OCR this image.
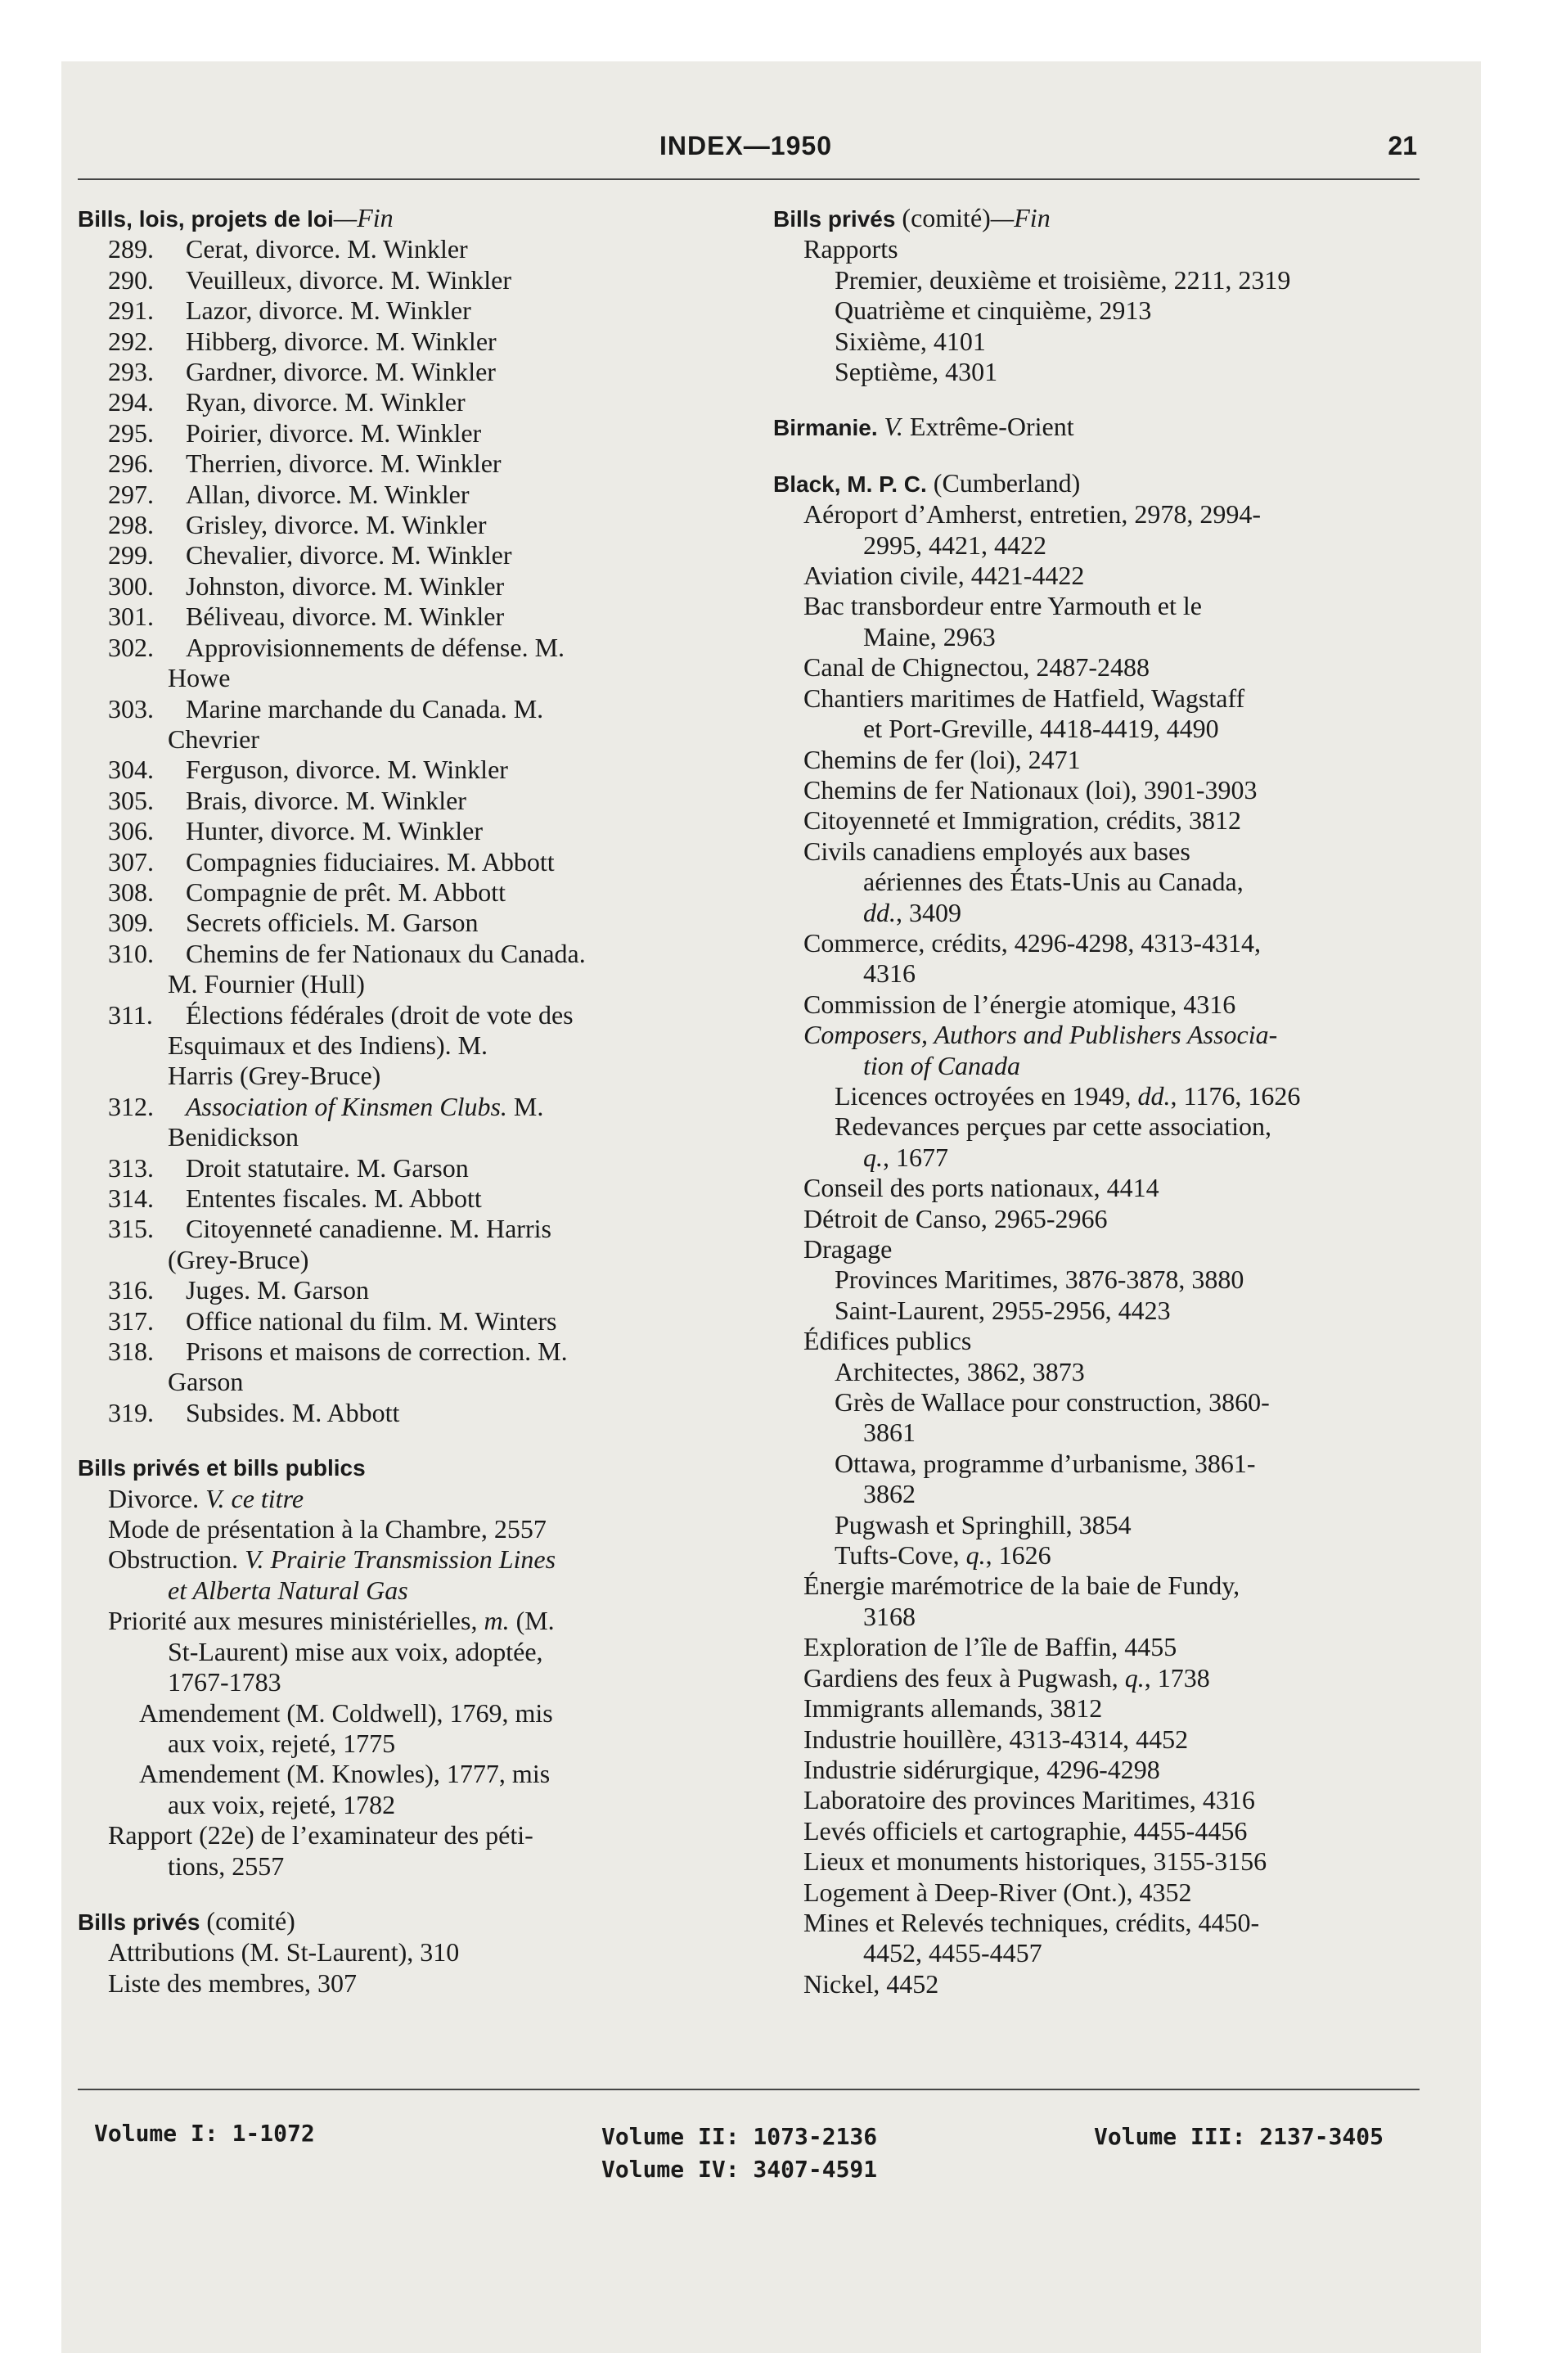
INDEX—1950	21
Bills, lois, projets de loi—Fin
289. Cerat, divorce. M. Winkler
290. Veuilleux, divorce. M. Winkler
291. Lazor, divorce. M. Winkler
292. Hibberg, divorce. M. Winkler
293. Gardner, divorce. M. Winkler
294. Ryan, divorce. M. Winkler
295. Poirier, divorce. M. Winkler
296. Therrien, divorce. M. Winkler
297. Allan, divorce. M. Winkler
298. Grisley, divorce. M. Winkler
299. Chevalier, divorce. M. Winkler
300. Johnston, divorce. M. Winkler
301. Béliveau, divorce. M. Winkler
302. Approvisionnements de défense. M.
Howe
303. Marine marchande du Canada. M.
Chevrier
304. Ferguson, divorce. M. Winkler
305. Brais, divorce. M. Winkler
306. Hunter, divorce. M. Winkler
307. Compagnies fiduciaires. M. Abbott
308. Compagnie de prêt. M. Abbott
309. Secrets officiels. M. Garson
310. Chemins de fer Nationaux du Canada.
M. Fournier (Hull)
311. Élections fédérales (droit de vote des
Esquimaux et des Indiens). M.
Harris (Grey-Bruce)
312. Association of Kinsmen Clubs. M.
Benidickson
313. Droit statutaire. M. Garson
314. Ententes fiscales. M. Abbott
315. Citoyenneté canadienne. M. Harris
(Grey-Bruce)
316. Juges. M. Garson
317. Office national du film. M. Winters
318. Prisons et maisons de correction. M.
Garson
319. Subsides. M. Abbott
Bills privés et bills publics
Divorce. V. ce titre
Mode de présentation à la Chambre, 2557
Obstruction. V. Prairie Transmission Lines
et Alberta Natural Gas
Priorité aux mesures ministérielles, m. (M.
St-Laurent) mise aux voix, adoptée,
1767-1783
Amendement (M. Coldwell), 1769, mis
aux voix, rejeté, 1775
Amendement (M. Knowles), 1777, mis
aux voix, rejeté, 1782
Rapport (22e) de l’examinateur des péti-
tions, 2557
Bills privés (comité)
Attributions (M. St-Laurent), 310
Liste des membres, 307
Bills privés (comité)—Fin
Rapports
Premier, deuxième et troisième, 2211, 2319
Quatrième et cinquième, 2913
Sixième, 4101
Septième, 4301
Birmanie. V. Extrême-Orient
Black, M. P. C. (Cumberland)
Aéroport d’Amherst, entretien, 2978, 2994-
2995, 4421, 4422
Aviation civile, 4421-4422
Bac transbordeur entre Yarmouth et le
Maine, 2963
Canal de Chignectou, 2487-2488
Chantiers maritimes de Hatfield, Wagstaff
et Port-Greville, 4418-4419, 4490
Chemins de fer (loi), 2471
Chemins de fer Nationaux (loi), 3901-3903
Citoyenneté et Immigration, crédits, 3812
Civils canadiens employés aux bases
aériennes des États-Unis au Canada,
dd., 3409
Commerce, crédits, 4296-4298, 4313-4314,
4316
Commission de l’énergie atomique, 4316
Composers, Authors and Publishers Associa-
tion of Canada
Licences octroyées en 1949, dd., 1176, 1626
Redevances perçues par cette association,
q., 1677
Conseil des ports nationaux, 4414
Détroit de Canso, 2965-2966
Dragage
Provinces Maritimes, 3876-3878, 3880
Saint-Laurent, 2955-2956, 4423
Édifices publics
Architectes, 3862, 3873
Grès de Wallace pour construction, 3860-
3861
Ottawa, programme d’urbanisme, 3861-
3862
Pugwash et Springhill, 3854
Tufts-Cove, q., 1626
Énergie marémotrice de la baie de Fundy,
3168
Exploration de l’île de Baffin, 4455
Gardiens des feux à Pugwash, q., 1738
Immigrants allemands, 3812
Industrie houillère, 4313-4314, 4452
Industrie sidérurgique, 4296-4298
Laboratoire des provinces Maritimes, 4316
Levés officiels et cartographie, 4455-4456
Lieux et monuments historiques, 3155-3156
Logement à Deep-River (Ont.), 4352
Mines et Relevés techniques, crédits, 4450-
4452, 4455-4457
Nickel, 4452
Volume I: 1-1072	Volume II: 1073-2136
Volume IV: 3407-4591
Volume III: 2137-3405
